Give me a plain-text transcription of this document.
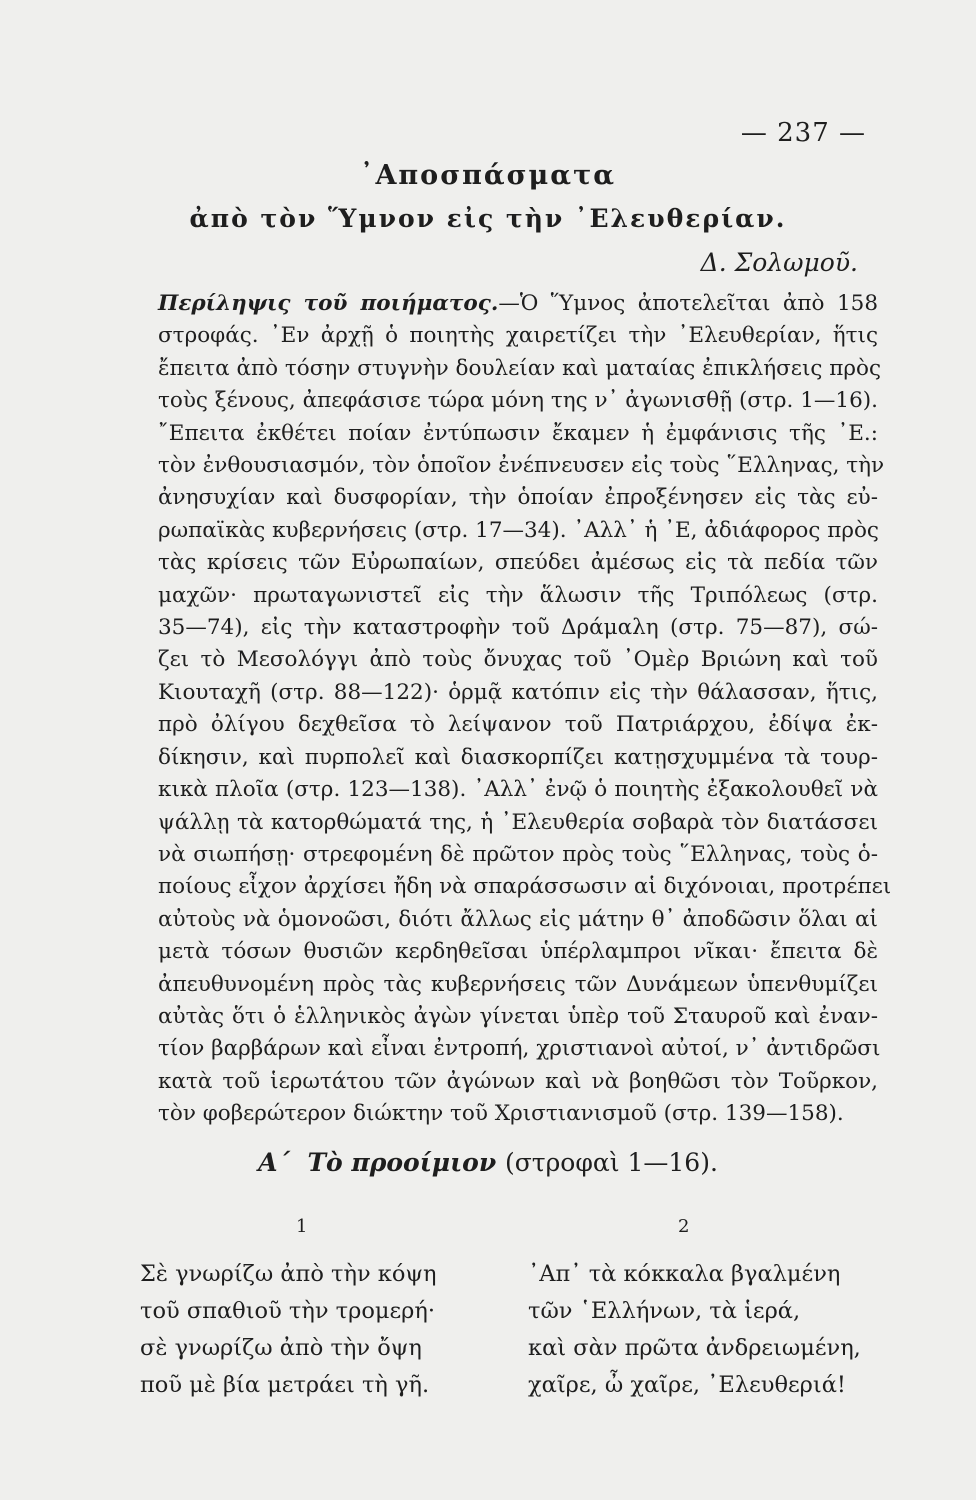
— 237 —
᾿Αποσπάσματα
ἀπὸ τὸν Ὕμνον εἰς τὴν ᾿Ελευθερίαν.
Δ. Σολωμοῦ.
Περίληψις τοῦ ποιήματος.—Ὁ Ὕμνος ἀποτελεῖται ἀπὸ 158
στροφάς. ᾿Εν ἀρχῇ ὁ ποιητὴς χαιρετίζει τὴν ᾿Ελευθερίαν, ἥτις
ἔπειτα ἀπὸ τόσην στυγνὴν δουλείαν καὶ ματαίας ἐπικλήσεις πρὸς
τοὺς ξένους, ἀπεφάσισε τώρα μόνη της ν᾿ ἀγωνισθῇ (στρ. 1—16).
῎Επειτα ἐκθέτει ποίαν ἐντύπωσιν ἔκαμεν ἡ ἐμφάνισις τῆς ᾿Ε.:
τὸν ἐνθουσιασμόν, τὸν ὁποῖον ἐνέπνευσεν εἰς τοὺς ῞Ελληνας, τὴν
ἀνησυχίαν καὶ δυσφορίαν, τὴν ὁποίαν ἐπροξένησεν εἰς τὰς εὐ-
ρωπαϊκὰς κυβερνήσεις (στρ. 17—34). ᾿Αλλ᾿ ἡ ᾿Ε, ἀδιάφορος πρὸς
τὰς κρίσεις τῶν Εὐρωπαίων, σπεύδει ἀμέσως εἰς τὰ πεδία τῶν
μαχῶν· πρωταγωνιστεῖ εἰς τὴν ἅλωσιν τῆς Τριπόλεως (στρ.
35—74), εἰς τὴν καταστροφὴν τοῦ Δράμαλη (στρ. 75—87), σώ-
ζει τὸ Μεσολόγγι ἀπὸ τοὺς ὄνυχας τοῦ ᾿Ομὲρ Βριώνη καὶ τοῦ
Κιουταχῆ (στρ. 88—122)· ὁρμᾷ κατόπιν εἰς τὴν θάλασσαν, ἥτις,
πρὸ ὀλίγου δεχθεῖσα τὸ λείψανον τοῦ Πατριάρχου, ἐδίψα ἐκ-
δίκησιν, καὶ πυρπολεῖ καὶ διασκορπίζει κατῃσχυμμένα τὰ τουρ-
κικὰ πλοῖα (στρ. 123—138). ᾿Αλλ᾿ ἐνῷ ὁ ποιητὴς ἐξακολουθεῖ νὰ
ψάλλῃ τὰ κατορθώματά της, ἡ ᾿Ελευθερία σοβαρὰ τὸν διατάσσει
νὰ σιωπήσῃ· στρεφομένη δὲ πρῶτον πρὸς τοὺς ῞Ελληνας, τοὺς ὁ-
ποίους εἶχον ἀρχίσει ἤδη νὰ σπαράσσωσιν αἱ διχόνοιαι, προτρέπει
αὐτοὺς νὰ ὁμονοῶσι, διότι ἄλλως εἰς μάτην θ᾿ ἀποδῶσιν ὅλαι αἱ
μετὰ τόσων θυσιῶν κερδηθεῖσαι ὑπέρλαμπροι νῖκαι· ἔπειτα δὲ
ἀπευθυνομένη πρὸς τὰς κυβερνήσεις τῶν Δυνάμεων ὑπενθυμίζει
αὐτὰς ὅτι ὁ ἑλληνικὸς ἀγὼν γίνεται ὑπὲρ τοῦ Σταυροῦ καὶ ἐναν-
τίον βαρβάρων καὶ εἶναι ἐντροπή, χριστιανοὶ αὐτοί, ν᾿ ἀντιδρῶσι
κατὰ τοῦ ἱερωτάτου τῶν ἀγώνων καὶ νὰ βοηθῶσι τὸν Τοῦρκον,
τὸν φοβερώτερον διώκτην τοῦ Χριστιανισμοῦ (στρ. 139—158).
Α΄ Τὸ προοίμιον (στροφαὶ 1—16).
1	2
Σὲ γνωρίζω ἀπὸ τὴν κόψη
τοῦ σπαθιοῦ τὴν τρομερή·
σὲ γνωρίζω ἀπὸ τὴν ὄψη
ποῦ μὲ βία μετράει τὴ γῆ.
᾿Απ᾿ τὰ κόκκαλα βγαλμένη
τῶν ῾Ελλήνων, τὰ ἱερά,
καὶ σὰν πρῶτα ἀνδρειωμένη,
χαῖρε, ὦ χαῖρε, ᾿Ελευθεριά!
